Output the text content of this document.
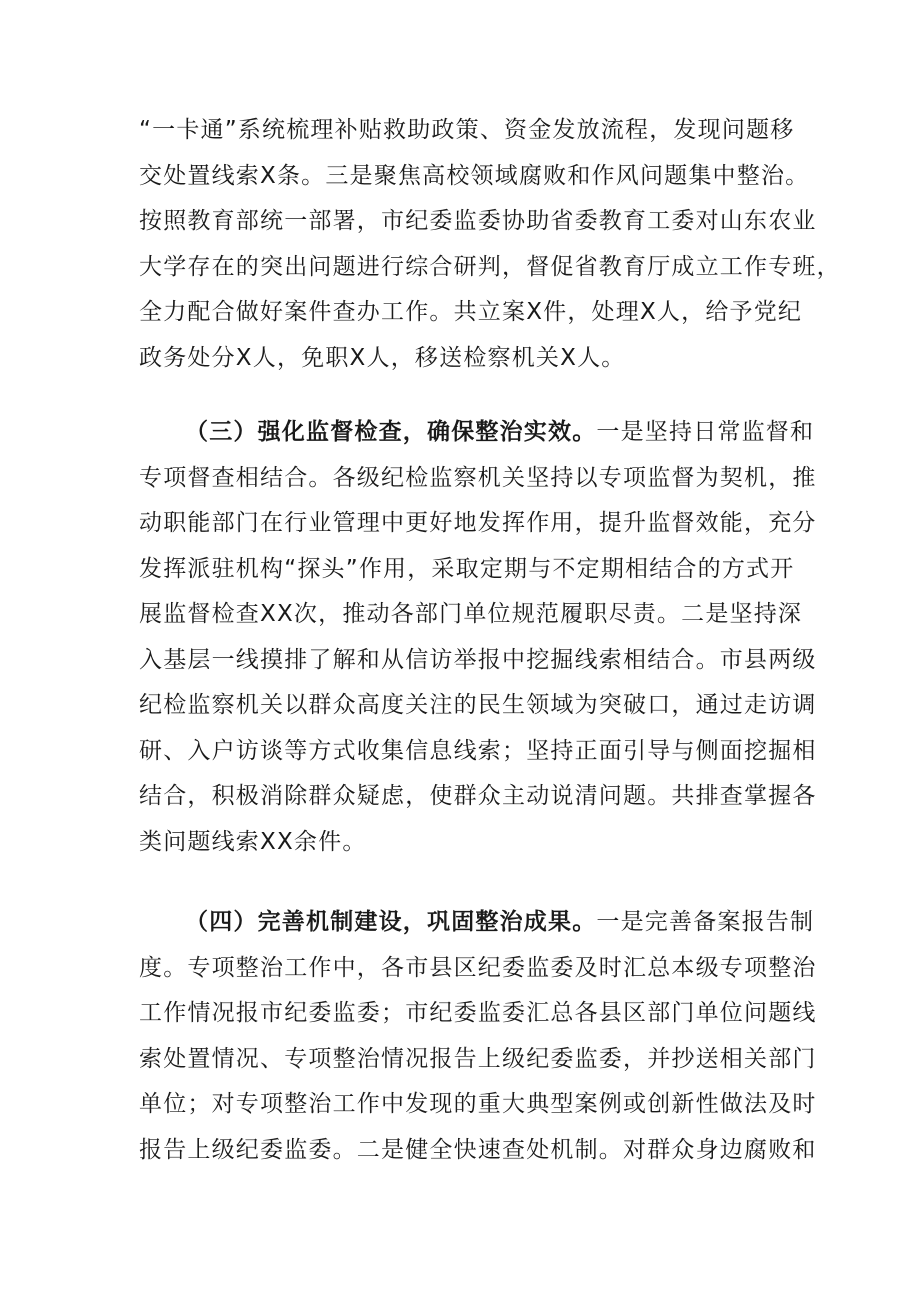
“一卡通”系统梳理补贴救助政策、资金发放流程，发现问题移
交处置线索X条。三是聚焦高校领域腐败和作风问题集中整治。
按照教育部统一部署，市纪委监委协助省委教育工委对山东农业
大学存在的突出问题进行综合研判，督促省教育厅成立工作专班，
全力配合做好案件查办工作。共立案X件，处理X人，给予党纪
政务处分X人，免职X人，移送检察机关X人。
（三）强化监督检查，确保整治实效。一是坚持日常监督和
专项督查相结合。各级纪检监察机关坚持以专项监督为契机，推
动职能部门在行业管理中更好地发挥作用，提升监督效能，充分
发挥派驻机构“探头”作用，采取定期与不定期相结合的方式开
展监督检查XX次，推动各部门单位规范履职尽责。二是坚持深
入基层一线摸排了解和从信访举报中挖掘线索相结合。市县两级
纪检监察机关以群众高度关注的民生领域为突破口，通过走访调
研、入户访谈等方式收集信息线索；坚持正面引导与侧面挖掘相
结合，积极消除群众疑虑，使群众主动说清问题。共排查掌握各
类问题线索XX余件。
（四）完善机制建设，巩固整治成果。一是完善备案报告制
度。专项整治工作中，各市县区纪委监委及时汇总本级专项整治
工作情况报市纪委监委；市纪委监委汇总各县区部门单位问题线
索处置情况、专项整治情况报告上级纪委监委，并抄送相关部门
单位；对专项整治工作中发现的重大典型案例或创新性做法及时
报告上级纪委监委。二是健全快速查处机制。对群众身边腐败和
